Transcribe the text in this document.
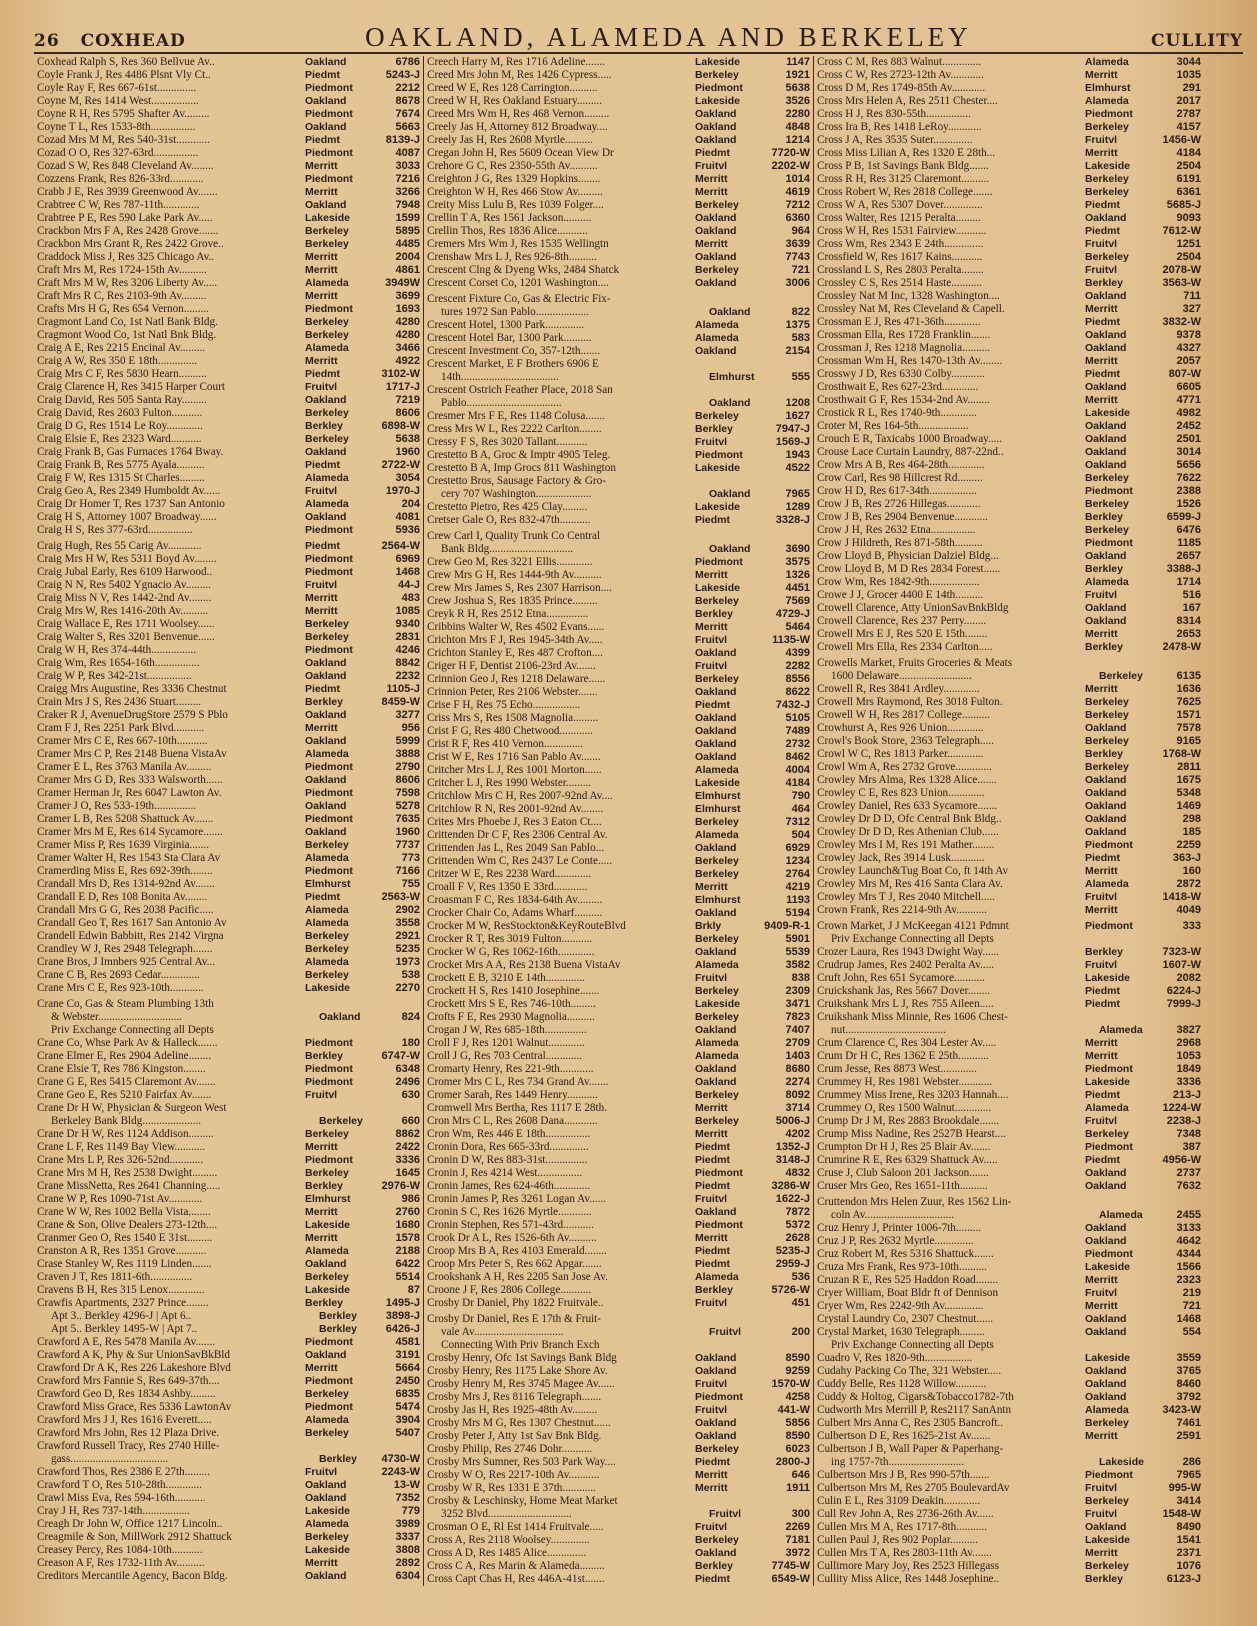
26 COXHEAD	OAKLAND, ALAMEDA AND BERKELEY	CULLITY
Coxhead Ralph S, Res 360 Bellvue Av..	Oakland	6786
Coyle Frank J, Res 4486 Plsnt Vly Ct..	Piedmt	5243-J
Coyle Ray F, Res 667-61st..............	Piedmont	2212
Coyne M, Res 1414 West.................	Oakland	8678
Coyne R H, Res 5795 Shafter Av.........	Piedmont	7674
Coyne T L, Res 1533-8th................	Oakland	5663
Cozad Mrs M M, Res 540-31st............	Piedmt	8139-J
Cozad O O, Res 327-63rd................	Piedmont	4087
Cozad S W, Res 848 Cleveland Av........	Merritt	3033
Cozzens Frank, Res 826-33rd............	Piedmont	7216
Crabb J E, Res 3939 Greenwood Av.......	Merritt	3266
Crabtree C W, Res 787-11th.............	Oakland	7948
Crabtree P E, Res 590 Lake Park Av.....	Lakeside	1599
Crackbon Mrs F A, Res 2428 Grove.......	Berkeley	5895
Crackbon Mrs Grant R, Res 2422 Grove..	Berkeley	4485
Craddock Miss J, Res 325 Chicago Av..	Merritt	2004
Craft Mrs M, Res 1724-15th Av..........	Merritt	4861
Craft Mrs M W, Res 3206 Liberty Av.....	Alameda	3949W
Craft Mrs R C, Res 2103-9th Av.........	Merritt	3699
Crafts Mrs H G, Res 654 Vernon.........	Piedmont	1693
Cragmont Land Co, 1st Natl Bank Bldg.	Berkeley	4280
Cragmont Wood Co, 1st Natl Bnk Bldg.	Berkeley	4280
Craig A E, Res 2215 Encinal Av.........	Alameda	3466
Craig A W, Res 350 E 18th..............	Merritt	4922
Craig Mrs C F, Res 5830 Hearn..........	Piedmt	3102-W
Craig Clarence H, Res 3415 Harper Court	Fruitvl	1717-J
Craig David, Res 505 Santa Ray.........	Oakland	7219
Craig David, Res 2603 Fulton...........	Berkeley	8606
Craig D G, Res 1514 Le Roy.............	Berkley	6898-W
Craig Elsie E, Res 2323 Ward...........	Berkeley	5638
Craig Frank B, Gas Furnaces 1764 Bway.	Oakland	1960
Craig Frank B, Res 5775 Ayala..........	Piedmt	2722-W
Craig F W, Res 1315 St Charles.........	Alameda	3054
Craig Geo A, Res 2349 Humboldt Av......	Fruitvl	1970-J
Craig Dr Homer T, Res 1737 San Antonio	Alameda	204
Craig H S, Attorney 1007 Broadway......	Oakland	4081
Craig H S, Res 377-63rd................	Piedmont	5936
Craig Hugh, Res 55 Carig Av............	Piedmt	2564-W
Craig Mrs H W, Res 5311 Boyd Av........	Piedmont	6969
Craig Jubal Early, Res 6109 Harwood..	Piedmont	1468
Craig N N, Res 5402 Ygnacio Av.........	Fruitvl	44-J
Craig Miss N V, Res 1442-2nd Av........	Merritt	483
Craig Mrs W, Res 1416-20th Av..........	Merritt	1085
Craig Wallace E, Res 1711 Woolsey......	Berkeley	9340
Craig Walter S, Res 3201 Benvenue......	Berkeley	2831
Craig W H, Res 374-44th................	Piedmont	4246
Craig Wm, Res 1654-16th................	Oakland	8842
Craig W P, Res 342-21st................	Oakland	2232
Craigg Mrs Augustine, Res 3336 Chestnut	Piedmt	1105-J
Crain Mrs J S, Res 2436 Stuart.........	Berkley	8459-W
Craker R J, AvenueDrugStore 2579 S Pblo	Oakland	3277
Cram F J, Res 2251 Park Blvd...........	Merritt	956
Cramer Mrs C E, Res 667-10th...........	Oakland	5999
Cramer Mrs C P, Res 2148 Buena VistaAv	Alameda	3888
Cramer E L, Res 3763 Manila Av.........	Piedmont	2790
Cramer Mrs G D, Res 333 Walsworth......	Oakland	8606
Cramer Herman Jr, Res 6047 Lawton Av.	Piedmont	7598
Cramer J O, Res 533-19th...............	Oakland	5278
Cramer L B, Res 5208 Shattuck Av.......	Piedmont	7635
Cramer Mrs M E, Res 614 Sycamore.......	Oakland	1960
Cramer Miss P, Res 1639 Virginia.......	Berkeley	7737
Cramer Walter H, Res 1543 Sta Clara Av	Alameda	773
Cramerding Miss E, Res 692-39th........	Piedmont	7166
Crandall Mrs D, Res 1314-92nd Av.......	Elmhurst	755
Crandall E D, Res 108 Bonita Av........	Piedmt	2563-W
Crandall Mrs G G, Res 2038 Pacific.....	Alameda	2902
Crandall Geo T, Res 1617 San Antonio Av	Alameda	3558
Crandell Edwin Babbitt, Res 2142 Virgna	Berkeley	2921
Crandley W J, Res 2948 Telegraph.......	Berkeley	5235
Crane Bros, J Imnbers 925 Central Av...	Alameda	1973
Crane C B, Res 2693 Cedar..............	Berkeley	538
Crane Mrs C E, Res 923-10th............	Lakeside	2270
Crane Co, Gas & Steam Plumbing 13th
& Webster..............................	Oakland	824
Priv Exchange Connecting all Depts
Crane Co, Whse Park Av & Halleck.......	Piedmont	180
Crane Elmer E, Res 2904 Adeline........	Berkley	6747-W
Crane Elsie T, Res 786 Kingston........	Piedmont	6348
Crane G E, Res 5415 Claremont Av.......	Piedmont	2496
Crane Geo E, Res 5210 Fairfax Av.......	Fruitvl	630
Crane Dr H W, Physician & Surgeon West
Berkeley Bank Bldg.....................	Berkeley	660
Crane Dr H W, Res 1124 Addison.........	Berkeley	8862
Crane L F, Res 1149 Bay View...........	Merritt	2422
Crane Mrs L P, Res 326-52nd............	Piedmont	3336
Crane Mrs M H, Res 2538 Dwight.........	Berkeley	1645
Crane MissNetta, Res 2641 Channing.....	Berkley	2976-W
Crane W P, Res 1090-71st Av............	Elmhurst	986
Crane W W, Res 1002 Bella Vista........	Merritt	2760
Crane & Son, Olive Dealers 273-12th....	Lakeside	1680
Cranmer Geo O, Res 1540 E 31st.........	Merritt	1578
Cranston A R, Res 1351 Grove...........	Alameda	2188
Crase Stanley W, Res 1119 Linden.......	Oakland	6422
Craven J T, Res 1811-6th...............	Berkeley	5514
Cravens B H, Res 315 Lenox.............	Lakeside	87
Crawfis Apartments, 2327 Prince........	Berkley	1495-J
Apt 3.. Berkley 4296-J | Apt 6..	Berkley	3898-J
Apt 5.. Berkley 1495-W | Apt 7..	Berkley	6426-J
Crawford A E, Res 5478 Manila Av.......	Piedmont	4581
Crawford A K, Phy & Sur UnionSavBkBld	Oakland	3191
Crawford Dr A K, Res 226 Lakeshore Blvd	Merritt	5664
Crawford Mrs Fannie S, Res 649-37th....	Piedmont	2450
Crawford Geo D, Res 1834 Ashby.........	Berkeley	6835
Crawford Miss Grace, Res 5336 LawtonAv	Piedmont	5474
Crawford Mrs J J, Res 1616 Everett.....	Alameda	3904
Crawford Mrs John, Res 12 Plaza Drive.	Berkeley	5407
Crawford Russell Tracy, Res 2740 Hille-
gass...................................	Berkley	4730-W
Crawford Thos, Res 2386 E 27th.........	Fruitvl	2243-W
Crawford T O, Res 510-28th.............	Oakland	13-W
Crawl Miss Eva, Res 594-16th...........	Oakland	7352
Cray J H, Res 737-14th.................	Lakeside	779
Creagh Dr John W, Office 1217 Lincoln..	Alameda	3989
Creagmile & Son, MillWork 2912 Shattuck	Berkeley	3337
Creasey Percy, Res 1084-10th...........	Lakeside	3808
Creason A F, Res 1732-11th Av..........	Merritt	2892
Creditors Mercantile Agency, Bacon Bldg.	Oakland	6304
Creech Harry M, Res 1716 Adeline.......	Lakeside	1147
Creed Mrs John M, Res 1426 Cypress.....	Berkeley	1921
Creed W E, Res 128 Carrington..........	Piedmont	5638
Creed W H, Res Oakland Estuary.........	Lakeside	3526
Creed Mrs Wm H, Res 468 Vernon.........	Oakland	2280
Creely Jas H, Attorney 812 Broadway....	Oakland	4848
Creely Jas H, Res 2608 Myrtle..........	Oakland	1214
Cregan John H, Res 5609 Ocean View Dr	Piedmt	7720-W
Crehore G C, Res 2350-55th Av..........	Fruitvl	2202-W
Creighton J G, Res 1329 Hopkins........	Merritt	1014
Creighton W H, Res 466 Stow Av.........	Merritt	4619
Creity Miss Lulu B, Res 1039 Folger....	Berkeley	7212
Crellin T A, Res 1561 Jackson..........	Oakland	6360
Crellin Thos, Res 1836 Alice...........	Oakland	964
Cremers Mrs Wm J, Res 1535 Wellingtn	Merritt	3639
Crenshaw Mrs L J, Res 926-8th..........	Oakland	7743
Crescent Clng & Dyeng Wks, 2484 Shatck	Berkeley	721
Crescent Corset Co, 1201 Washington....	Oakland	3006
Crescent Fixture Co, Gas & Electric Fix-
tures 1972 San Pablo...................	Oakland	822
Crescent Hotel, 1300 Park..............	Alameda	1375
Crescent Hotel Bar, 1300 Park..........	Alameda	583
Crescent Investment Co, 357-12th.......	Oakland	2154
Crescent Market, E F Brothers 6906 E
14th...................................	Elmhurst	555
Crescent Ostrich Feather Place, 2018 San
Pablo..................................	Oakland	1208
Cresmer Mrs F E, Res 1148 Colusa.......	Berkeley	1627
Cress Mrs W L, Res 2222 Carlton........	Berkley	7947-J
Cressy F S, Res 3020 Tallant...........	Fruitvl	1569-J
Crestetto B A, Groc & Imptr 4905 Teleg.	Piedmont	1943
Crestetto B A, Imp Grocs 811 Washington	Lakeside	4522
Crestetto Bros, Sausage Factory & Gro-
cery 707 Washington....................	Oakland	7965
Crestetto Pietro, Res 425 Clay.........	Lakeside	1289
Cretser Gale O, Res 832-47th...........	Piedmt	3328-J
Crew Carl I, Quality Trunk Co Central
Bank Bldg..............................	Oakland	3690
Crew Geo M, Res 3221 Ellis.............	Piedmont	3575
Crew Mrs G H, Res 1444-9th Av..........	Merritt	1326
Crew Mrs James S, Res 2307 Harrison....	Lakeside	4451
Crew Joshua S, Res 1835 Prince.........	Berkeley	7569
Creyk R H, Res 2512 Etna...............	Berkley	4729-J
Cribbins Walter W, Res 4502 Evans......	Merritt	5464
Crichton Mrs F J, Res 1945-34th Av.....	Fruitvl	1135-W
Crichton Stanley E, Res 487 Crofton....	Oakland	4399
Criger H F, Dentist 2106-23rd Av.......	Fruitvl	2282
Crinnion Geo J, Res 1218 Delaware......	Berkeley	8556
Crinnion Peter, Res 2106 Webster.......	Oakland	8622
Crise F H, Res 75 Echo.................	Piedmt	7432-J
Criss Mrs S, Res 1508 Magnolia.........	Oakland	5105
Crist F G, Res 480 Chetwood............	Oakland	7489
Crist R F, Res 410 Vernon..............	Oakland	2732
Crist W E, Res 1716 San Pablo Av.......	Oakland	8462
Critcher Mrs L J, Res 1001 Morton......	Alameda	4004
Critcher L J, Res 1990 Webster.........	Lakeside	4184
Critchlow Mrs C H, Res 2007-92nd Av....	Elmhurst	790
Critchlow R N, Res 2001-92nd Av........	Elmhurst	464
Crites Mrs Phoebe J, Res 3 Eaton Ct....	Berkeley	7312
Crittenden Dr C F, Res 2306 Central Av.	Alameda	504
Crittenden Jas L, Res 2049 San Pablo...	Oakland	6929
Crittenden Wm C, Res 2437 Le Conte.....	Berkeley	1234
Critzer W E, Res 2238 Ward.............	Berkeley	2764
Croall F V, Res 1350 E 33rd............	Merritt	4219
Croasman F C, Res 1834-64th Av.........	Elmhurst	1193
Crocker Chair Co, Adams Wharf..........	Oakland	5194
Crocker M W, ResStockton&KeyRouteBlvd	Brkly	9409-R-1
Crocker R T, Res 3019 Fulton...........	Berkeley	5901
Crocker W G, Res 1062-16th.............	Oakland	5539
Crocket Mrs A A, Res 2138 Buena VistaAv	Alameda	3582
Crockett E B, 3210 E 14th..............	Fruitvl	838
Crockett H S, Res 1410 Josephine.......	Berkeley	2309
Crockett Mrs S E, Res 746-10th.........	Lakeside	3471
Crofts F E, Res 2930 Magnolia..........	Berkeley	7823
Crogan J W, Res 685-18th...............	Oakland	7407
Croll F J, Res 1201 Walnut.............	Alameda	2709
Croll J G, Res 703 Central.............	Alameda	1403
Cromarty Henry, Res 221-9th............	Oakland	8680
Cromer Mrs C L, Res 734 Grand Av.......	Oakland	2274
Cromer Sarah, Res 1449 Henry...........	Berkeley	8092
Cromwell Mrs Bertha, Res 1117 E 28th.	Merritt	3714
Cron Mrs C L, Res 2608 Dana............	Berkeley	5006-J
Cron Wm, Res 446 E 18th................	Merritt	4202
Cronin Dora, Res 665-33rd..............	Piedmt	1352-J
Cronin D W, Res 883-31st...............	Piedmt	3148-J
Cronin J, Res 4214 West................	Piedmont	4832
Cronin James, Res 624-46th.............	Piedmt	3286-W
Cronin James P, Res 3261 Logan Av......	Fruitvl	1622-J
Cronin S C, Res 1626 Myrtle............	Oakland	7872
Cronin Stephen, Res 571-43rd...........	Piedmont	5372
Crook Dr A L, Res 1526-6th Av..........	Merritt	2628
Croop Mrs B A, Res 4103 Emerald........	Piedmt	5235-J
Croop Mrs Peter S, Res 662 Apgar.......	Piedmt	2959-J
Crookshank A H, Res 2205 San Jose Av.	Alameda	536
Croone J F, Res 2806 College...........	Berkley	5726-W
Crosby Dr Daniel, Phy 1822 Fruitvale..	Fruitvl	451
Crosby Dr Daniel, Res E 17th & Fruit-
vale Av................................	Fruitvl	200
Connecting With Priv Branch Exch
Crosby Henry, Ofc 1st Savings Bank Bldg	Oakland	8590
Crosby Henry, Res 1175 Lake Shore Av.	Oakland	9259
Crosby Henry M, Res 3745 Magee Av......	Fruitvl	1570-W
Crosby Mrs J, Res 8116 Telegraph.......	Piedmont	4258
Crosby Jas H, Res 1925-48th Av.........	Fruitvl	441-W
Crosby Mrs M G, Res 1307 Chestnut......	Oakland	5856
Crosby Peter J, Atty 1st Sav Bnk Bldg.	Oakland	8590
Crosby Philip, Res 2746 Dohr...........	Berkeley	6023
Crosby Mrs Sumner, Res 503 Park Way....	Piedmt	2800-J
Crosby W O, Res 2217-10th Av...........	Merritt	646
Crosby W R, Res 1331 E 37th............	Merritt	1911
Crosby & Leschinsky, Home Meat Market
3252 Blvd..............................	Fruitvl	300
Crosman O E, Rl Est 1414 Fruitvale.....	Fruitvl	2269
Cross A, Res 2118 Woolsey..............	Berkeley	7181
Cross A D, Res 1485 Alice..............	Oakland	3972
Cross C A, Res Marin & Alameda.........	Berkley	7745-W
Cross Capt Chas H, Res 446A-41st.......	Piedmt	6549-W
Cross C M, Res 883 Walnut..............	Alameda	3044
Cross C W, Res 2723-12th Av............	Merritt	1035
Cross D M, Res 1749-85th Av............	Elmhurst	291
Cross Mrs Helen A, Res 2511 Chester....	Alameda	2017
Cross H J, Res 830-55th................	Piedmont	2787
Cross Ira B, Res 1418 LeRoy............	Berkeley	4157
Cross J A, Res 3535 Suter..............	Fruitvl	1456-W
Cross Miss Lilian A, Res 1320 E 28th...	Merritt	4184
Cross P B, 1st Savings Bank Bldg.......	Lakeside	2504
Cross R H, Res 3125 Claremont..........	Berkeley	6191
Cross Robert W, Res 2818 College.......	Berkeley	6361
Cross W A, Res 5307 Dover..............	Piedmt	5685-J
Cross Walter, Res 1215 Peralta.........	Oakland	9093
Cross W H, Res 1531 Fairview...........	Piedmt	7612-W
Cross Wm, Res 2343 E 24th..............	Fruitvl	1251
Crossfield W, Res 1617 Kains...........	Berkeley	2504
Crossland L S, Res 2803 Peralta........	Fruitvl	2078-W
Crossley C S, Res 2514 Haste...........	Berkley	3563-W
Crossley Nat M Inc, 1328 Washington....	Oakland	711
Crossley Nat M, Res Cleveland & Capell.	Merritt	327
Crossman E J, Res 471-36th.............	Piedmt	3832-W
Crossman Ella, Res 1728 Franklin.......	Oakland	9378
Crossman J, Res 1218 Magnolia..........	Oakland	4327
Crossman Wm H, Res 1470-13th Av........	Merritt	2057
Crosswy J D, Res 6330 Colby............	Piedmt	807-W
Crosthwait E, Res 627-23rd.............	Oakland	6605
Crosthwait G F, Res 1534-2nd Av........	Merritt	4771
Crostick R L, Res 1740-9th.............	Lakeside	4982
Croter M, Res 164-5th..................	Oakland	2452
Crouch E R, Taxicabs 1000 Broadway.....	Oakland	2501
Crouse Lace Curtain Laundry, 887-22nd..	Oakland	3014
Crow Mrs A B, Res 464-28th.............	Oakland	5656
Crow Carl, Res 98 Hillcrest Rd.........	Berkeley	7622
Crow H D, Res 617-34th.................	Piedmont	2388
Crow J B, Res 2726 Hillegas............	Berkeley	1526
Crow J B, Res 2904 Benvenue............	Berkley	6599-J
Crow J H, Res 2632 Etna................	Berkeley	6476
Crow J Hildreth, Res 871-58th..........	Piedmont	1185
Crow Lloyd B, Physician Dalziel Bldg...	Oakland	2657
Crow Lloyd B, M D Res 2834 Forest......	Berkley	3388-J
Crow Wm, Res 1842-9th..................	Alameda	1714
Crowe J J, Grocer 4400 E 14th..........	Fruitvl	516
Crowell Clarence, Atty UnionSavBnkBldg	Oakland	167
Crowell Clarence, Res 237 Perry........	Oakland	8314
Crowell Mrs E J, Res 520 E 15th........	Merritt	2653
Crowell Mrs Ella, Res 2334 Carlton.....	Berkley	2478-W
Crowells Market, Fruits Groceries & Meats
1600 Delaware..........................	Berkeley	6135
Crowell R, Res 3841 Ardley.............	Merritt	1636
Crowell Mrs Raymond, Res 3018 Fulton.	Berkeley	7625
Crowell W H, Res 2817 College..........	Berkeley	1571
Crowhurst A, Res 926 Union.............	Oakland	7578
Crowl's Book Store, 2363 Telegraph.....	Berkeley	9165
Crowl W C, Res 1813 Parker.............	Berkley	1768-W
Crowl Wm A, Res 2732 Grove.............	Berkeley	2811
Crowley Mrs Alma, Res 1328 Alice.......	Oakland	1675
Crowley C E, Res 823 Union.............	Oakland	5348
Crowley Daniel, Res 633 Sycamore.......	Oakland	1469
Crowley Dr D D, Ofc Central Bnk Bldg..	Oakland	298
Crowley Dr D D, Res Athenian Club......	Oakland	185
Crowley Mrs I M, Res 191 Mather........	Piedmont	2259
Crowley Jack, Res 3914 Lusk............	Piedmt	363-J
Crowley Launch&Tug Boat Co, ft 14th Av	Merritt	160
Crowley Mrs M, Res 416 Santa Clara Av.	Alameda	2872
Crowley Mrs T J, Res 2040 Mitchell.....	Fruitvl	1418-W
Crown Frank, Res 2214-9th Av...........	Merritt	4049
Crown Market, J J McKeegan 4121 Pdmnt	Piedmont	333
Priv Exchange Connecting all Depts
Crozer Laura, Res 1943 Dwight Way......	Berkley	7323-W
Crudrup James, Res 2402 Peralta Av.....	Fruitvl	1607-W
Cruft John, Res 651 Sycamore...........	Lakeside	2082
Cruickshank Jas, Res 5667 Dover........	Piedmt	6224-J
Cruikshank Mrs L J, Res 755 Aileen.....	Piedmt	7999-J
Cruikshank Miss Minnie, Res 1606 Chest-
nut....................................	Alameda	3827
Crum Clarence C, Res 304 Lester Av.....	Merritt	2968
Crum Dr H C, Res 1362 E 25th...........	Merritt	1053
Crum Jesse, Res 8873 West.............	Piedmont	1849
Crummey H, Res 1981 Webster............	Lakeside	3336
Crummey Miss Irene, Res 3203 Hannah....	Piedmt	213-J
Crummey O, Res 1500 Walnut.............	Alameda	1224-W
Crump Dr J M, Res 2883 Brookdale.......	Fruitvl	2238-J
Crump Miss Nadine, Res 2527B Hearst....	Berkeley	7348
Crumpton Dr H J, Res 25 Blair Av.......	Piedmont	387
Crumrine R E, Res 6329 Shattuck Av.....	Piedmt	4956-W
Cruse J, Club Saloon 201 Jackson.......	Oakland	2737
Cruser Mrs Geo, Res 1651-11th..........	Oakland	7632
Cruttendon Mrs Helen Zuur, Res 1562 Lin-
coln Av................................	Alameda	2455
Cruz Henry J, Printer 1006-7th.........	Oakland	3133
Cruz J P, Res 2632 Myrtle..............	Oakland	4642
Cruz Robert M, Res 5316 Shattuck.......	Piedmont	4344
Cruza Mrs Frank, Res 973-10th..........	Lakeside	1566
Cruzan R E, Res 525 Haddon Road........	Merritt	2323
Cryer William, Boat Bldr ft of Dennison	Fruitvl	219
Cryer Wm, Res 2242-9th Av..............	Merritt	721
Crystal Laundry Co, 2307 Chestnut......	Oakland	1468
Crystal Market, 1630 Telegraph.........	Oakland	554
Priv Exchange Connecting all Depts
Cuadro V, Res 1820-9th.................	Lakeside	3559
Cudahy Packing Co The, 321 Webster.....	Oakland	3765
Cuddy Belle, Res 1128 Willow...........	Oakland	8460
Cuddy & Holtog, Cigars&Tobacco1782-7th	Oakland	3792
Cudworth Mrs Merrill P, Res2117 SanAntn	Alameda	3423-W
Culbert Mrs Anna C, Res 2305 Bancroft..	Berkeley	7461
Culbertson D E, Res 1625-21st Av.......	Merritt	2591
Culbertson J B, Wall Paper & Paperhang-
ing 1757-7th...........................	Lakeside	286
Culbertson Mrs J B, Res 990-57th.......	Piedmont	7965
Culbertson Mrs M, Res 2705 BoulevardAv	Fruitvl	995-W
Culin E L, Res 3109 Deakin.............	Berkeley	3414
Cull Rev John A, Res 2736-26th Av......	Fruitvl	1548-W
Cullen Mrs M A, Res 1717-8th...........	Oakland	8490
Cullen Paul J, Res 902 Poplar..........	Lakeside	1541
Cullen Mrs T A, Res 2803-11th Av.......	Merritt	2371
Cullimore Mary Joy, Res 2523 Hillegass	Berkeley	1076
Cullity Miss Alice, Res 1448 Josephine..	Berkley	6123-J
